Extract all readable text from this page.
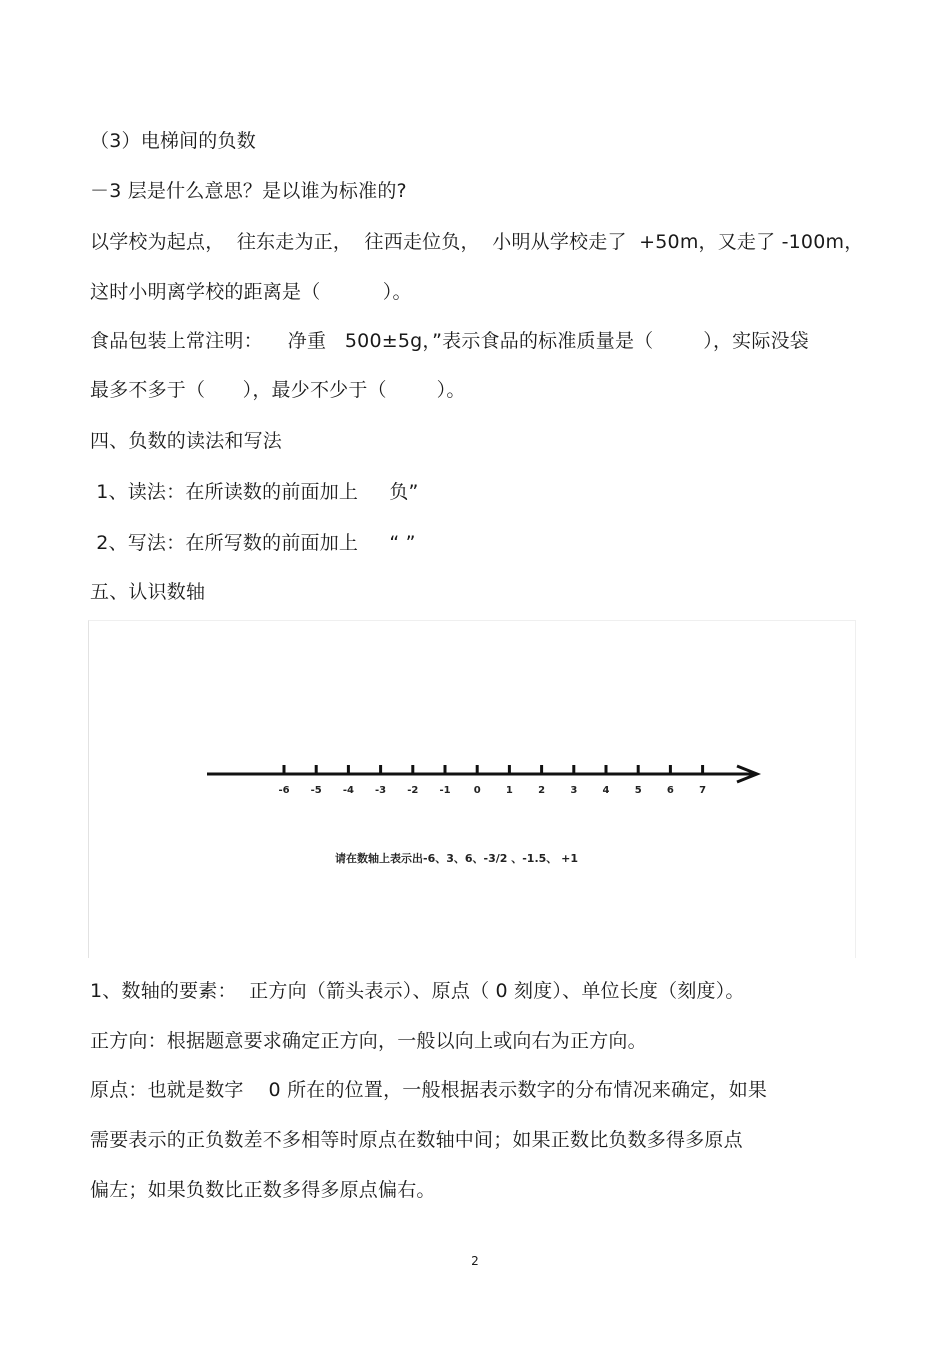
（3）电梯间的负数
－3 层是什么意思？是以谁为标准的?
以学校为起点，  往东走为正，  往西走位负，  小明从学校走了  +50m，又走了 -100m，
这时小明离学校的距离是（          ）。
食品包装上常注明：    净重   500±5g，”表示食品的标准质量是（        ），实际没袋
最多不多于（      ），最少不少于（        ）。
四、负数的读法和写法
1、读法：在所读数的前面加上     负”
2、写法：在所写数的前面加上     “ ”
五、认识数轴
-6 -5 -4 -3 -2 -1 0	1	2	3	4	5	6	7
请在数轴上表示出-6、3、6、-3/2 、-1.5、 +1
1、数轴的要素：  正方向（箭头表示）、原点（ 0 刻度）、单位长度（刻度）。
正方向：根据题意要求确定正方向，一般以向上或向右为正方向。
原点：也就是数字    0 所在的位置，一般根据表示数字的分布情况来确定，如果
需要表示的正负数差不多相等时原点在数轴中间；如果正数比负数多得多原点
偏左；如果负数比正数多得多原点偏右。
2
